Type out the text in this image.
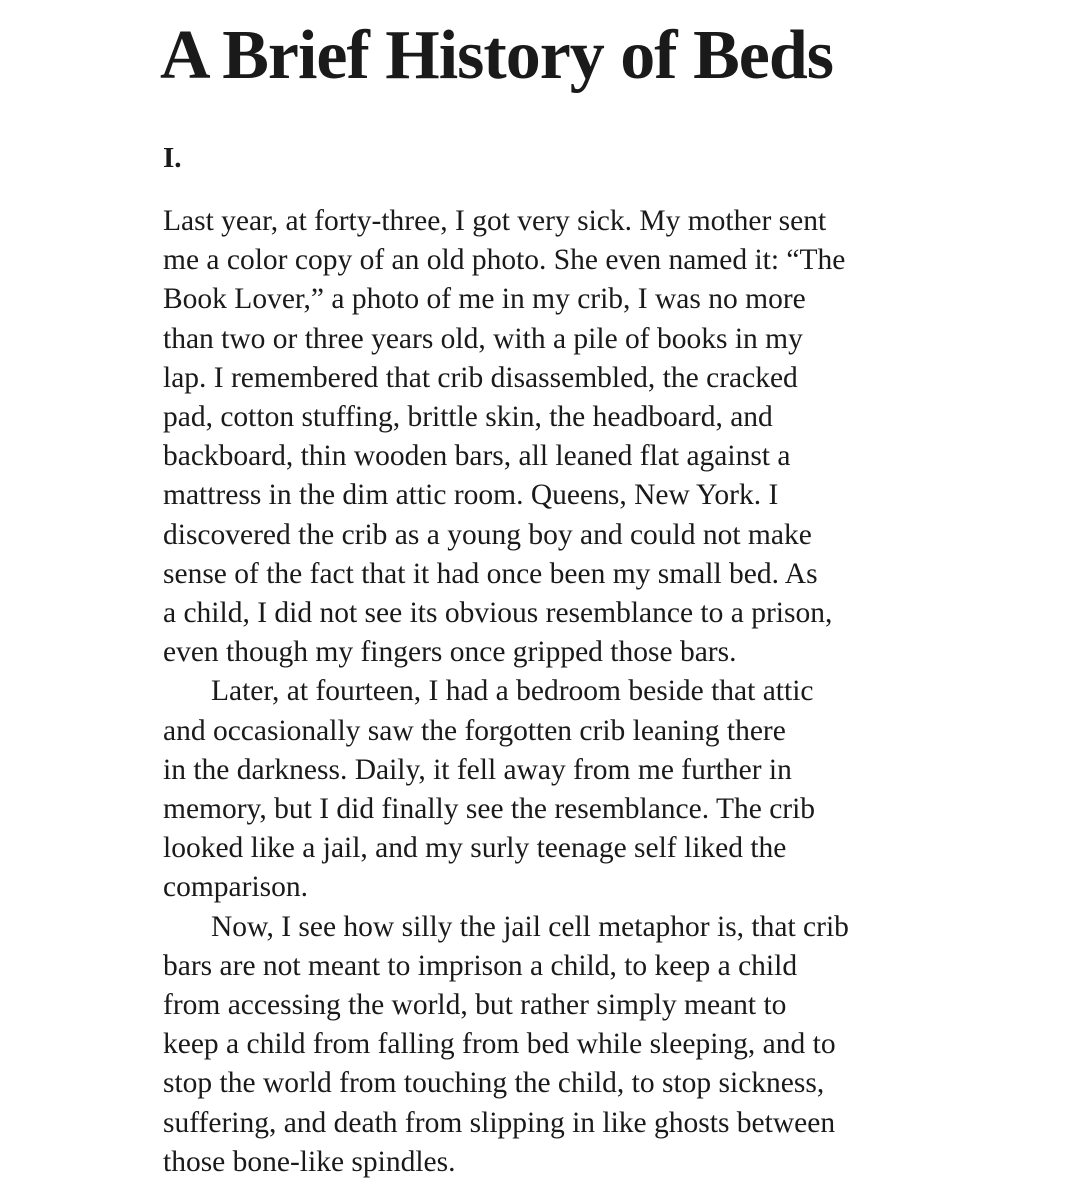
A Brief History of Beds
I.
Last year, at forty-three, I got very sick. My mother sent
me a color copy of an old photo. She even named it: “The
Book Lover,” a photo of me in my crib, I was no more
than two or three years old, with a pile of books in my
lap. I remembered that crib disassembled, the cracked
pad, cotton stuffing, brittle skin, the headboard, and
backboard, thin wooden bars, all leaned flat against a
mattress in the dim attic room. Queens, New York. I
discovered the crib as a young boy and could not make
sense of the fact that it had once been my small bed. As
a child, I did not see its obvious resemblance to a prison,
even though my fingers once gripped those bars.
Later, at fourteen, I had a bedroom beside that attic
and occasionally saw the forgotten crib leaning there
in the darkness. Daily, it fell away from me further in
memory, but I did finally see the resemblance. The crib
looked like a jail, and my surly teenage self liked the
comparison.
Now, I see how silly the jail cell metaphor is, that crib
bars are not meant to imprison a child, to keep a child
from accessing the world, but rather simply meant to
keep a child from falling from bed while sleeping, and to
stop the world from touching the child, to stop sickness,
suffering, and death from slipping in like ghosts between
those bone-like spindles.
